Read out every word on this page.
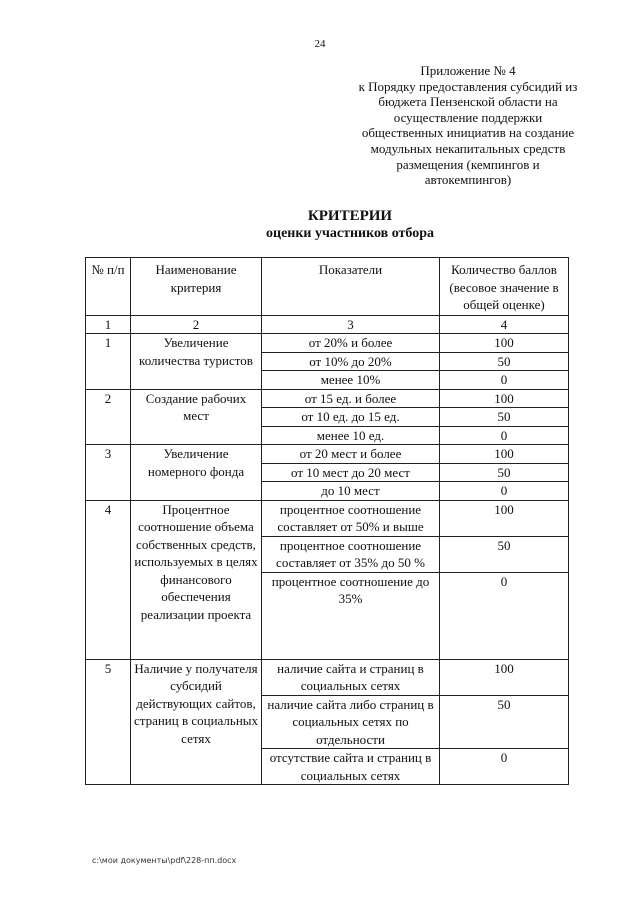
24
Приложение № 4
к Порядку предоставления субсидий из
бюджета Пензенской области на
осуществление поддержки
общественных инициатив на создание
модульных некапитальных средств
размещения (кемпингов и
автокемпингов)
КРИТЕРИИ
оценки участников отбора
№ п/п	Наименование критерия	Показатели	Количество баллов (весовое значение в общей оценке)
1	2	3	4
1	Увеличение количества туристов	от 20% и более	100
		от 10% до 20%	50
		менее 10%	0
2	Создание рабочих мест	от 15 ед. и более	100
		от 10 ед. до 15 ед.	50
		менее 10 ед.	0
3	Увеличение номерного фонда	от 20 мест и более	100
		от 10 мест до 20 мест	50
		до 10 мест	0
4	Процентное соотношение объема собственных средств, используемых в целях финансового обеспечения реализации проекта	процентное соотношение составляет от 50% и выше	100
		процентное соотношение составляет от 35% до 50 %	50
		процентное соотношение до 35%	0
5	Наличие у получателя субсидий действующих сайтов, страниц в социальных сетях	наличие сайта и страниц в социальных сетях	100
		наличие сайта либо страниц в социальных сетях по отдельности	50
		отсутствие сайта и страниц в социальных сетях	0
c:\мои документы\pdf\228-пп.docx
